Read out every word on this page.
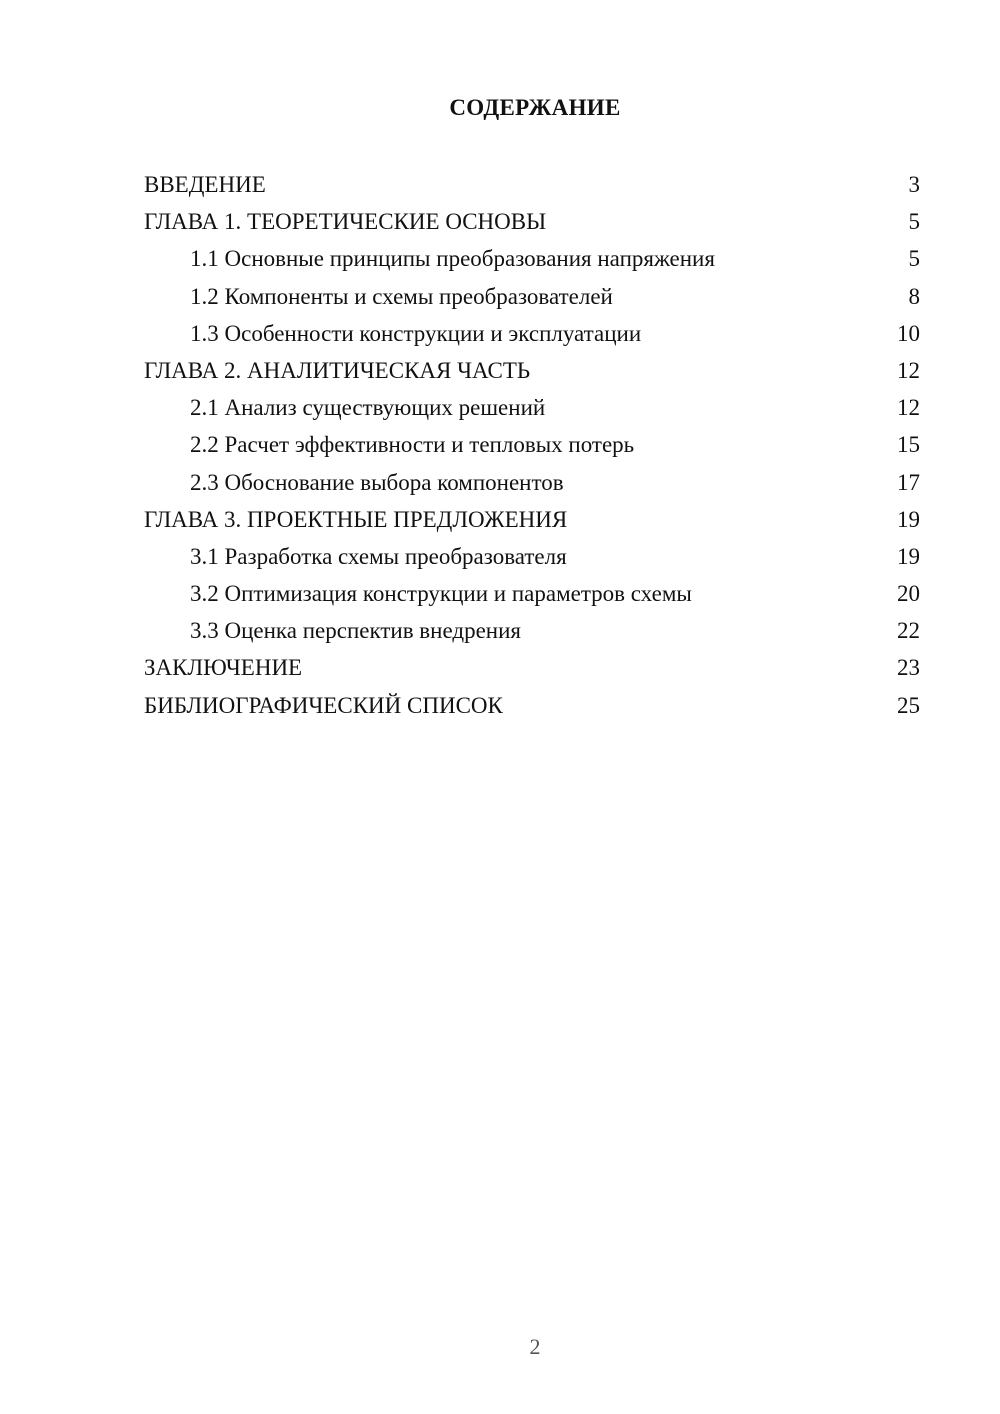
СОДЕРЖАНИЕ
ВВЕДЕНИЕ	3
ГЛАВА 1. ТЕОРЕТИЧЕСКИЕ ОСНОВЫ	5
1.1 Основные принципы преобразования напряжения	5
1.2 Компоненты и схемы преобразователей	8
1.3 Особенности конструкции и эксплуатации	10
ГЛАВА 2. АНАЛИТИЧЕСКАЯ ЧАСТЬ	12
2.1 Анализ существующих решений	12
2.2 Расчет эффективности и тепловых потерь	15
2.3 Обоснование выбора компонентов	17
ГЛАВА 3. ПРОЕКТНЫЕ ПРЕДЛОЖЕНИЯ	19
3.1 Разработка схемы преобразователя	19
3.2 Оптимизация конструкции и параметров схемы	20
3.3 Оценка перспектив внедрения	22
ЗАКЛЮЧЕНИЕ	23
БИБЛИОГРАФИЧЕСКИЙ СПИСОК	25
2
